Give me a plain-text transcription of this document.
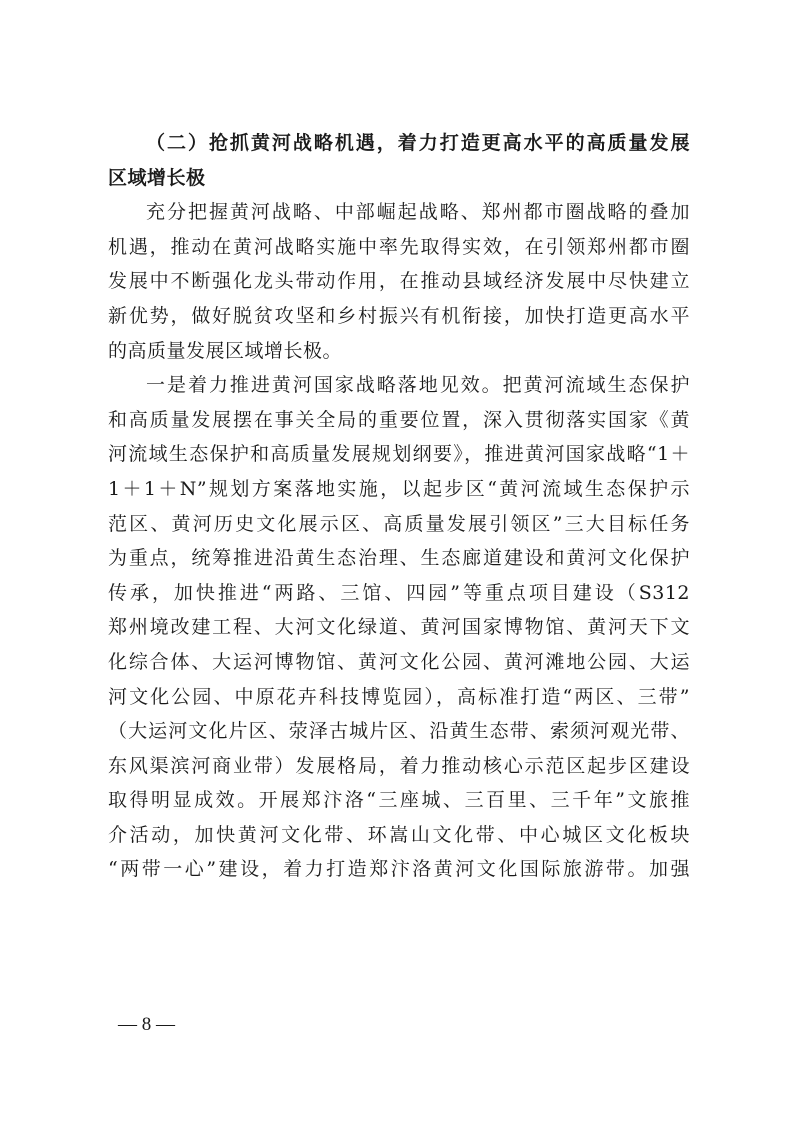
（二）抢抓黄河战略机遇，着力打造更高水平的高质量发展
区域增长极
充分把握黄河战略、中部崛起战略、郑州都市圈战略的叠加
机遇，推动在黄河战略实施中率先取得实效，在引领郑州都市圈
发展中不断强化龙头带动作用，在推动县域经济发展中尽快建立
新优势，做好脱贫攻坚和乡村振兴有机衔接，加快打造更高水平
的高质量发展区域增长极。
一是着力推进黄河国家战略落地见效。把黄河流域生态保护
和高质量发展摆在事关全局的重要位置，深入贯彻落实国家《黄
河流域生态保护和高质量发展规划纲要》，推进黄河国家战略“1＋
1＋1＋N”规划方案落地实施，以起步区“黄河流域生态保护示
范区、黄河历史文化展示区、高质量发展引领区”三大目标任务
为重点，统筹推进沿黄生态治理、生态廊道建设和黄河文化保护
传承，加快推进“两路、三馆、四园”等重点项目建设（S312
郑州境改建工程、大河文化绿道、黄河国家博物馆、黄河天下文
化综合体、大运河博物馆、黄河文化公园、黄河滩地公园、大运
河文化公园、中原花卉科技博览园），高标准打造“两区、三带”
（大运河文化片区、荥泽古城片区、沿黄生态带、索须河观光带、
东风渠滨河商业带）发展格局，着力推动核心示范区起步区建设
取得明显成效。开展郑汴洛“三座城、三百里、三千年”文旅推
介活动，加快黄河文化带、环嵩山文化带、中心城区文化板块
“两带一心”建设，着力打造郑汴洛黄河文化国际旅游带。加强
— 8 —
